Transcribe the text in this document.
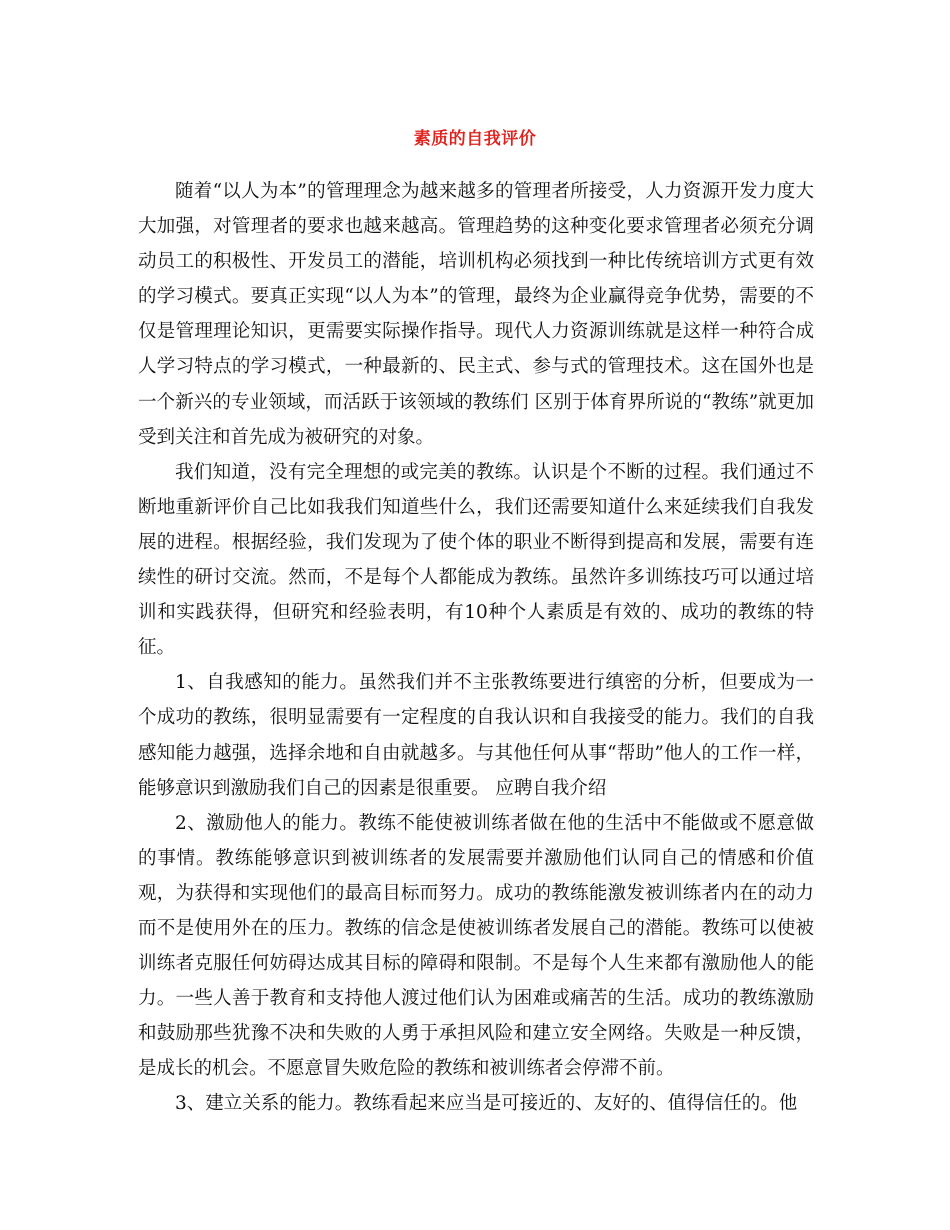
素质的自我评价

随着“以人为本”的管理理念为越来越多的管理者所接受，人力资源开发力度大大加强，对管理者的要求也越来越高。管理趋势的这种变化要求管理者必须充分调动员工的积极性、开发员工的潜能，培训机构必须找到一种比传统培训方式更有效的学习模式。要真正实现“以人为本”的管理，最终为企业赢得竞争优势，需要的不仅是管理理论知识，更需要实际操作指导。现代人力资源训练就是这样一种符合成人学习特点的学习模式，一种最新的、民主式、参与式的管理技术。这在国外也是一个新兴的专业领域，而活跃于该领域的教练们 区别于体育界所说的“教练”就更加受到关注和首先成为被研究的对象。

我们知道，没有完全理想的或完美的教练。认识是个不断的过程。我们通过不断地重新评价自己比如我我们知道些什么，我们还需要知道什么来延续我们自我发展的进程。根据经验，我们发现为了使个体的职业不断得到提高和发展，需要有连续性的研讨交流。然而，不是每个人都能成为教练。虽然许多训练技巧可以通过培训和实践获得，但研究和经验表明，有10种个人素质是有效的、成功的教练的特征。

1、自我感知的能力。虽然我们并不主张教练要进行缜密的分析，但要成为一个成功的教练，很明显需要有一定程度的自我认识和自我接受的能力。我们的自我感知能力越强，选择余地和自由就越多。与其他任何从事“帮助”他人的工作一样，能够意识到激励我们自己的因素是很重要。 应聘自我介绍

2、激励他人的能力。教练不能使被训练者做在他的生活中不能做或不愿意做的事情。教练能够意识到被训练者的发展需要并激励他们认同自己的情感和价值观，为获得和实现他们的最高目标而努力。成功的教练能激发被训练者内在的动力而不是使用外在的压力。教练的信念是使被训练者发展自己的潜能。教练可以使被训练者克服任何妨碍达成其目标的障碍和限制。不是每个人生来都有激励他人的能力。一些人善于教育和支持他人渡过他们认为困难或痛苦的生活。成功的教练激励和鼓励那些犹豫不决和失败的人勇于承担风险和建立安全网络。失败是一种反馈，是成长的机会。不愿意冒失败危险的教练和被训练者会停滞不前。

3、建立关系的能力。教练看起来应当是可接近的、友好的、值得信任的。他
